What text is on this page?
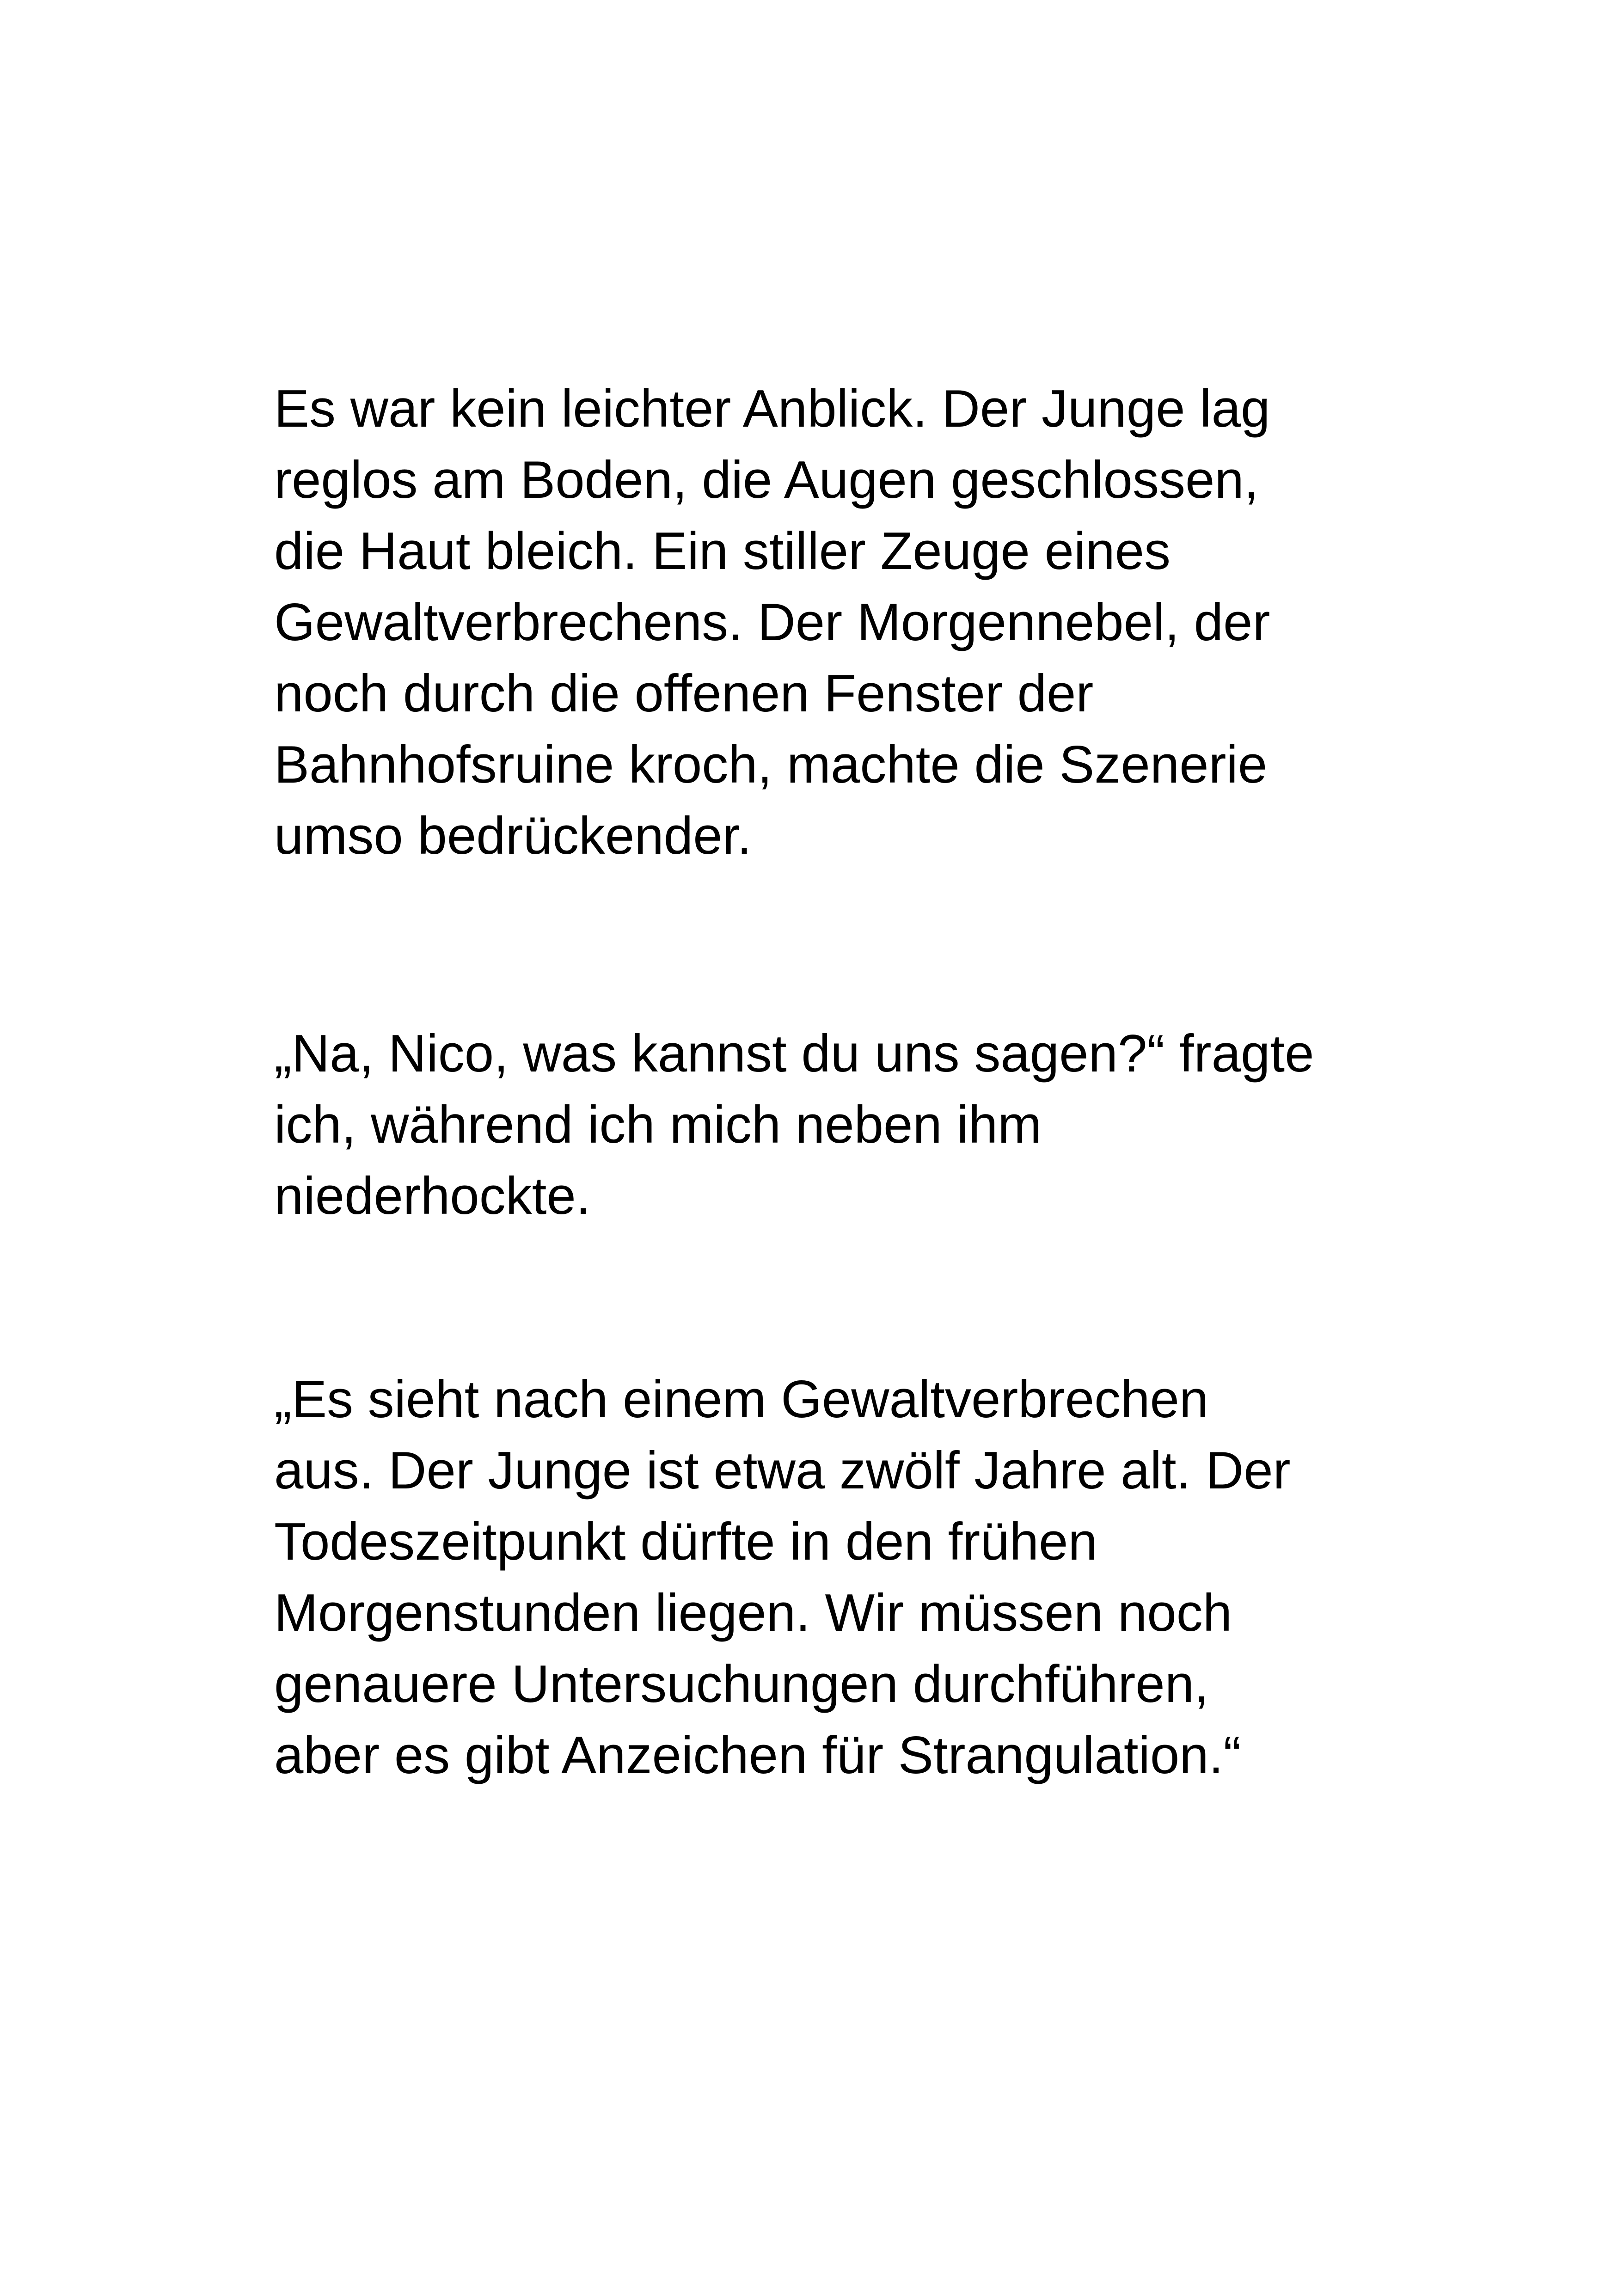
Es war kein leichter Anblick. Der Junge lag
reglos am Boden, die Augen geschlossen,
die Haut bleich. Ein stiller Zeuge eines
Gewaltverbrechens. Der Morgennebel, der
noch durch die offenen Fenster der
Bahnhofsruine kroch, machte die Szenerie
umso bedrückender.

„Na, Nico, was kannst du uns sagen?“ fragte
ich, während ich mich neben ihm
niederhockte.

„Es sieht nach einem Gewaltverbrechen
aus. Der Junge ist etwa zwölf Jahre alt. Der
Todeszeitpunkt dürfte in den frühen
Morgenstunden liegen. Wir müssen noch
genauere Untersuchungen durchführen,
aber es gibt Anzeichen für Strangulation.“
